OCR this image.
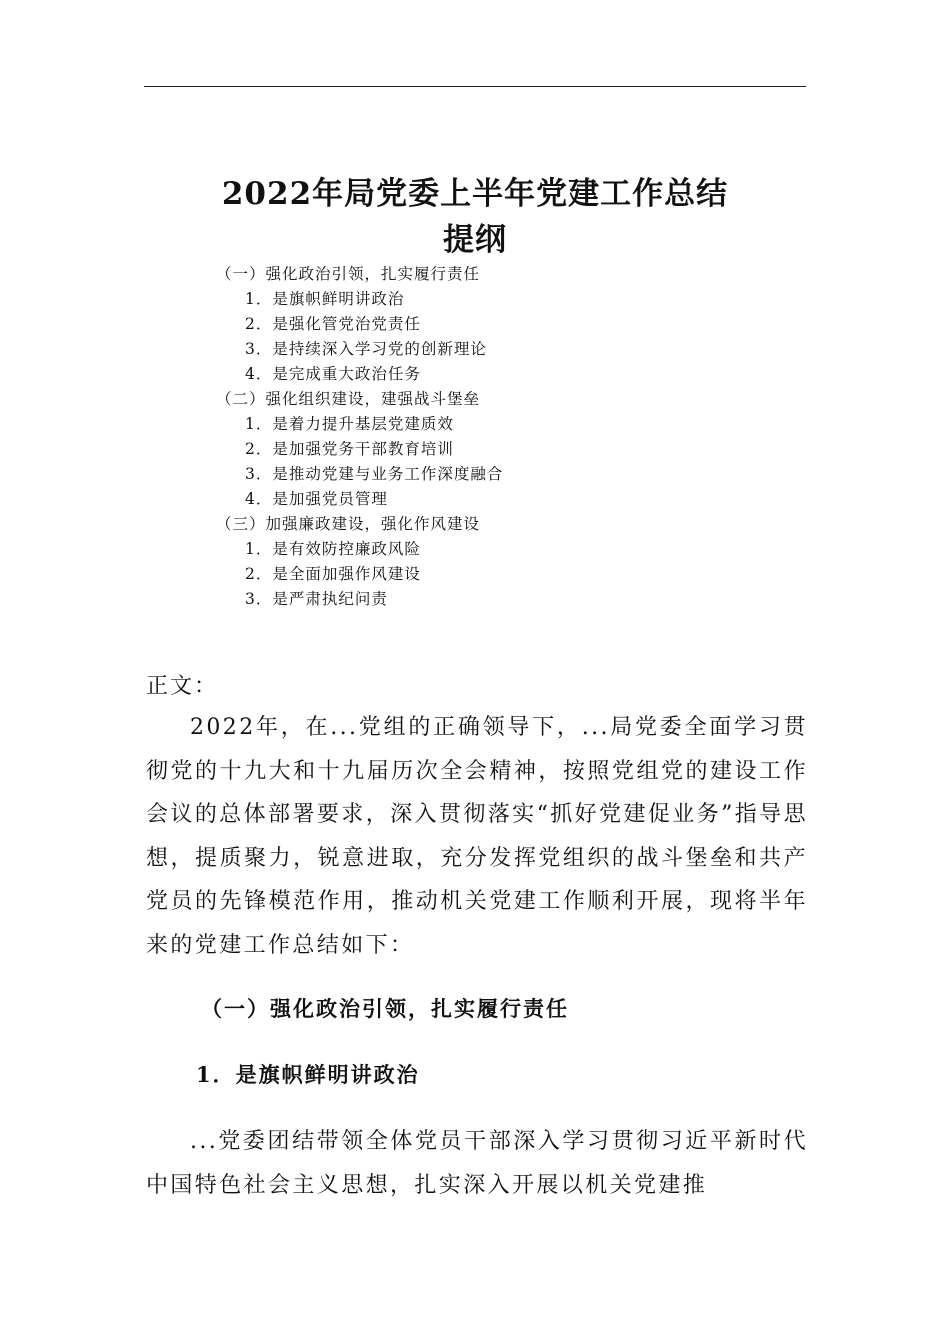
2022年局党委上半年党建工作总结
提纲
（一）强化政治引领，扎实履行责任
1．是旗帜鲜明讲政治
2．是强化管党治党责任
3．是持续深入学习党的创新理论
4．是完成重大政治任务
（二）强化组织建设，建强战斗堡垒
1．是着力提升基层党建质效
2．是加强党务干部教育培训
3．是推动党建与业务工作深度融合
4．是加强党员管理
（三）加强廉政建设，强化作风建设
1．是有效防控廉政风险
2．是全面加强作风建设
3．是严肃执纪问责

正文：

2022年，在...党组的正确领导下，...局党委全面学习贯彻党的十九大和十九届历次全会精神，按照党组党的建设工作会议的总体部署要求，深入贯彻落实“抓好党建促业务”指导思想，提质聚力，锐意进取，充分发挥党组织的战斗堡垒和共产党员的先锋模范作用，推动机关党建工作顺利开展，现将半年来的党建工作总结如下：

（一）强化政治引领，扎实履行责任
1．是旗帜鲜明讲政治

...党委团结带领全体党员干部深入学习贯彻习近平新时代中国特色社会主义思想，扎实深入开展以机关党建推
